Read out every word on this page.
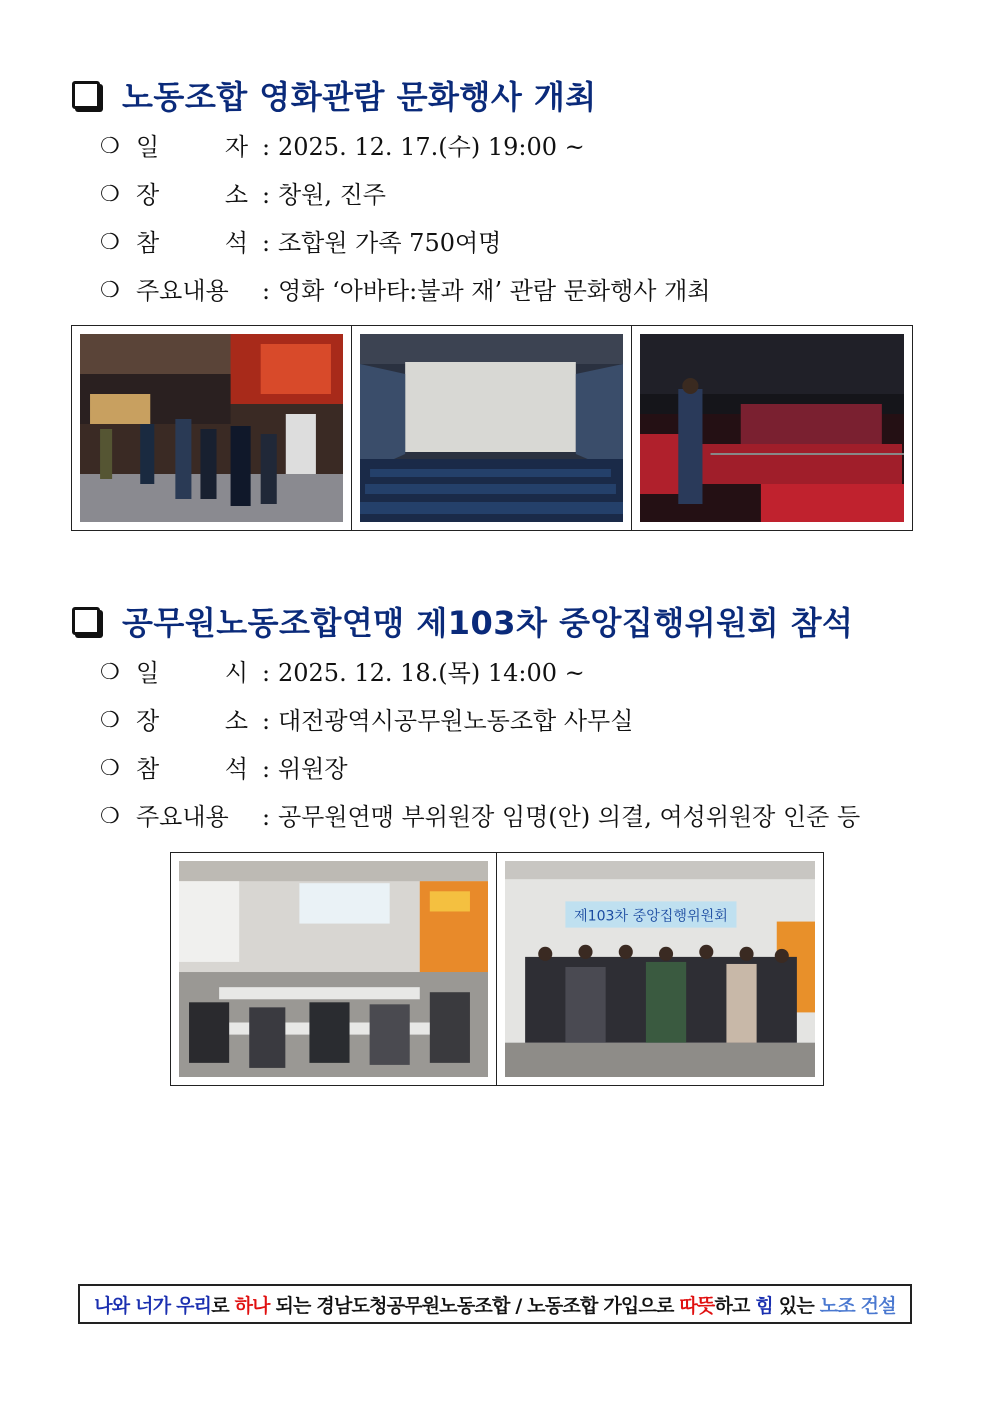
노동조합 영화관람 문화행사 개최
❍ 일	자 : 2025. 12. 17.(수) 19:00 ~
❍ 장	소 : 창원, 진주
❍ 참	석 : 조합원 가족 750여명
❍ 주요내용	: 영화 ‘아바타:불과 재’ 관람 문화행사 개최
공무원노동조합연맹 제103차 중앙집행위원회 참석
❍ 일	시 : 2025. 12. 18.(목) 14:00 ~
❍ 장	소 : 대전광역시공무원노동조합 사무실
❍ 참	석 : 위원장
❍ 주요내용	: 공무원연맹 부위원장 임명(안) 의결, 여성위원장 인준 등
제103차 중앙집행위원회
나와 너가 우리 로 하나 되는 경남도청공무원노동조합 / 노동조합 가입으로 따뜻 하고 힘 있는 노조 건설
